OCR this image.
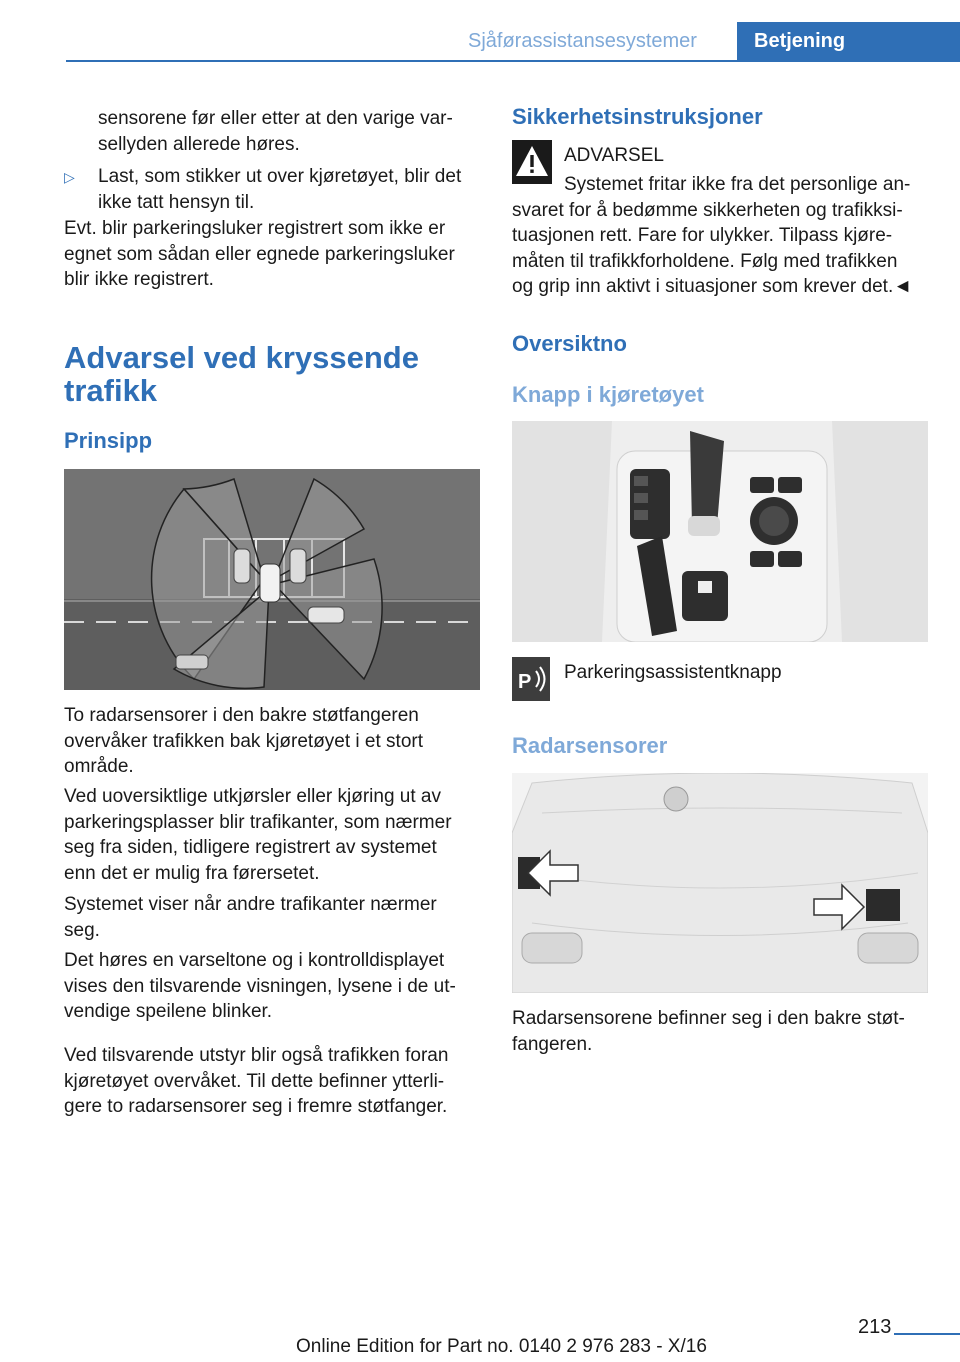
Sjåførassistansesystemer	Betjening

sensorene før eller etter at den varige var-

sellyden allerede høres.

▷ Last, som stikker ut over kjøretøyet, blir det

ikke tatt hensyn til.

Evt. blir parkeringsluker registrert som ikke er

egnet som sådan eller egnede parkeringsluker

blir ikke registrert.

Advarsel ved kryssende
trafikk
Prinsipp

To radarsensorer i den bakre støtfangeren

overvåker trafikken bak kjøretøyet i et stort

område.

Ved uoversiktlige utkjørsler eller kjøring ut av

parkeringsplasser blir trafikanter, som nærmer

seg fra siden, tidligere registrert av systemet

enn det er mulig fra førersetet.

Systemet viser når andre trafikanter nærmer

seg.

Det høres en varseltone og i kontrolldisplayet

vises den tilsvarende visningen, lysene i de ut-

vendige speilene blinker.

Ved tilsvarende utstyr blir også trafikken foran

kjøretøyet overvåket. Til dette befinner ytterli-

gere to radarsensorer seg i fremre støtfanger.

Sikkerhetsinstruksjoner

ADVARSEL

Systemet fritar ikke fra det personlige an-

svaret for å bedømme sikkerheten og trafikksi-

tuasjonen rett. Fare for ulykker. Tilpass kjøre-

måten til trafikkforholdene. Følg med trafikken

og grip inn aktivt i situasjoner som krever det.◄

Oversiktno
Knapp i kjøretøyet
P Parkeringsassistentknapp

Radarsensorer

Radarsensorene befinner seg i den bakre støt-

fangeren.

213
Online Edition for Part no. 0140 2 976 283 - X/16
